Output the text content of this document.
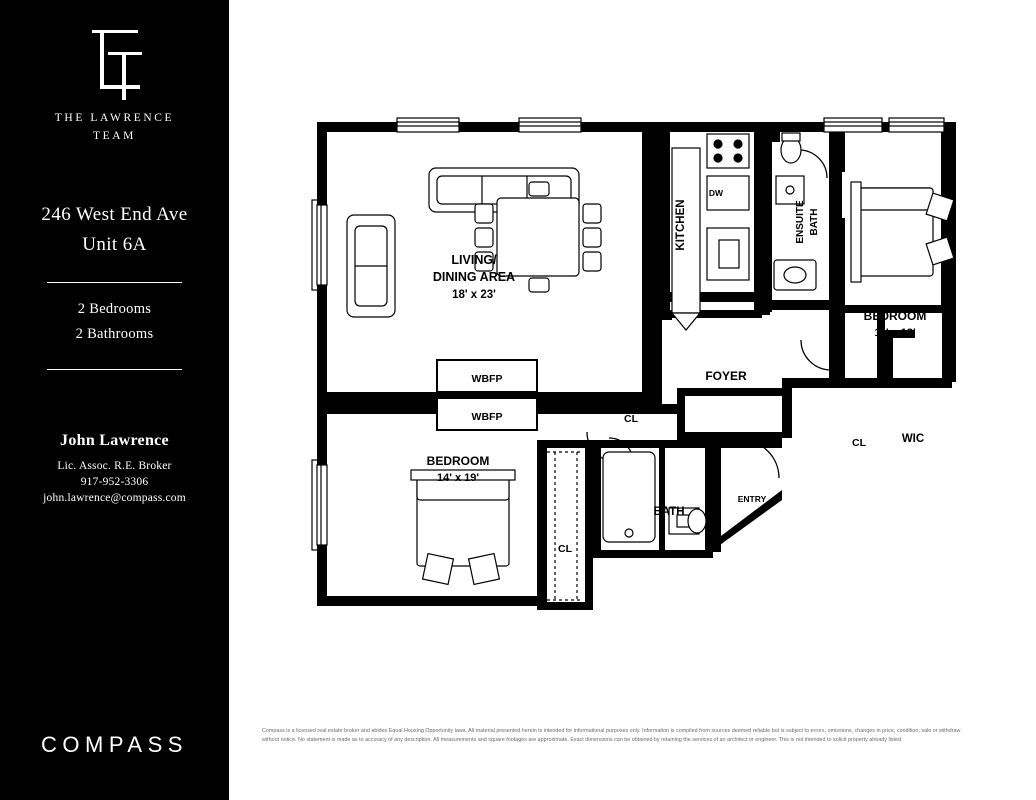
THE LAWRENCE
TEAM
246 West End Ave
Unit 6A
2 Bedrooms
2 Bathrooms
John Lawrence
Lic. Assoc. R.E. Broker
917-952-3306
john.lawrence@compass.com
COMPASS
LIVING/
DINING AREA
18' x 23'
KITCHEN
DW
ENSUITE BATH
BEDROOM
11' x 18'
FOYER
8' 7" x 11' 4"
WIC
CL
CL
CL
BEDROOM
14' x 19'
BATH
WBFP
WBFP
ENTRY
Compass is a licensed real estate broker and abides Equal Housing Opportunity laws. All material presented herein is intended for informational purposes only. Information is compiled from sources deemed reliable but is subject to errors, omissions, changes in price, condition, sale or withdraw without notice. No statement is made as to accuracy of any description. All measurements and square footages are approximate. Exact dimensions can be obtained by retaining the services of an architect or engineer. This is not intended to solicit property already listed.
